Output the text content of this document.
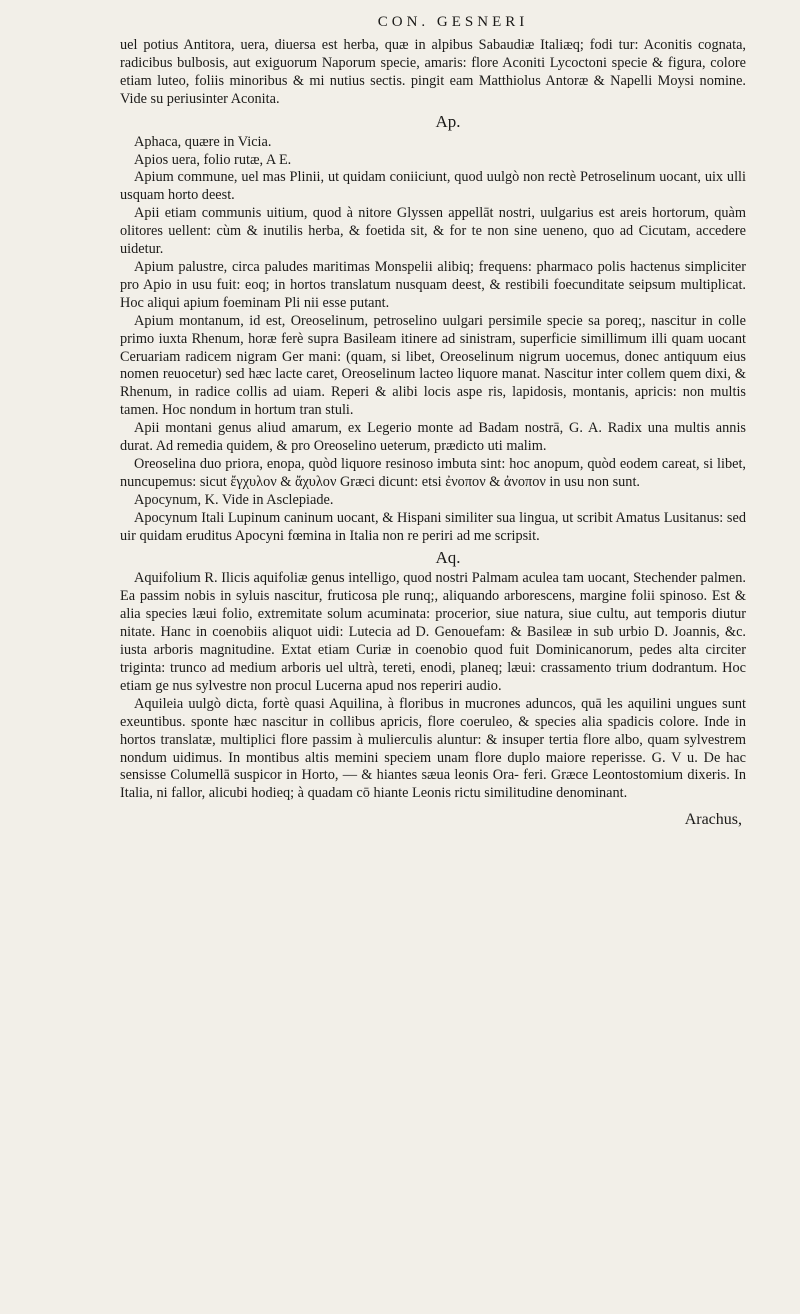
CON. GESNERI

uel potius Antitora, uera, diuersa est herba, quæ in alpibus Sabaudiæ Italiæq; fodi tur: Aconitis cognata, radicibus bulbosis, aut exiguorum Naporum specie, amaris: flore Aconiti Lycoctoni specie & figura, colore etiam luteo, foliis minoribus & mi nutius sectis. pingit eam Matthiolus Antoræ & Napelli Moysi nomine. Vide su periusinter Aconita.

Ap.

Aphaca, quære in Vicia.

Apios uera, folio rutæ, A E.

Apium commune, uel mas Plinii, ut quidam coniiciunt, quod uulgò non rectè Petroselinum uocant, uix ulli usquam horto deest.

Apii etiam communis uitium, quod à nitore Glyssen appellāt nostri, uulgarius est areis hortorum, quàm olitores uellent: cùm & inutilis herba, & foetida sit, & for te non sine ueneno, quo ad Cicutam, accedere uidetur.

Apium palustre, circa paludes maritimas Monspelii alibiq; frequens: pharmaco polis hactenus simpliciter pro Apio in usu fuit: eoq; in hortos translatum nusquam deest, & restibili foecunditate seipsum multiplicat. Hoc aliqui apium foeminam Pli nii esse putant.

Apium montanum, id est, Oreoselinum, petroselino uulgari persimile specie sa poreq;, nascitur in colle primo iuxta Rhenum, horæ ferè supra Basileam itinere ad sinistram, superficie simillimum illi quam uocant Ceruariam radicem nigram Ger mani: (quam, si libet, Oreoselinum nigrum uocemus, donec antiquum eius nomen reuocetur) sed hæc lacte caret, Oreoselinum lacteo liquore manat. Nascitur inter collem quem dixi, & Rhenum, in radice collis ad uiam. Reperi & alibi locis aspe ris, lapidosis, montanis, apricis: non multis tamen. Hoc nondum in hortum tran stuli.

Apii montani genus aliud amarum, ex Legerio monte ad Badam nostrā, G. A. Radix una multis annis durat. Ad remedia quidem, & pro Oreoselino ueterum, prædicto uti malim.

Oreoselina duo priora, enopa, quòd liquore resinoso imbuta sint: hoc anopum, quòd eodem careat, si libet, nuncupemus: sicut ἔγχυλον & ἄχυλον Græci dicunt: etsi ἐνοπον & ἀνοπον in usu non sunt.

Apocynum, K. Vide in Asclepiade.

Apocynum Itali Lupinum caninum uocant, & Hispani similiter sua lingua, ut scribit Amatus Lusitanus: sed uir quidam eruditus Apocyni fœmina in Italia non re periri ad me scripsit.

Aq.

Aquifolium R. Ilicis aquifoliæ genus intelligo, quod nostri Palmam aculea tam uocant, Stechender palmen. Ea passim nobis in syluis nascitur, fruticosa ple runq;, aliquando arborescens, margine folii spinoso. Est & alia species læui folio, extremitate solum acuminata: procerior, siue natura, siue cultu, aut temporis diutur nitate. Hanc in coenobiis aliquot uidi: Lutecia ad D. Genouefam: & Basileæ in sub urbio D. Joannis, &c. iusta arboris magnitudine. Extat etiam Curiæ in coenobio quod fuit Dominicanorum, pedes alta circiter triginta: trunco ad medium arboris uel ultrà, tereti, enodi, planeq; læui: crassamento trium dodrantum. Hoc etiam ge nus sylvestre non procul Lucerna apud nos reperiri audio.

Aquileia uulgò dicta, fortè quasi Aquilina, à floribus in mucrones aduncos, quā les aquilini ungues sunt exeuntibus. sponte hæc nascitur in collibus apricis, flore coeruleo, & species alia spadicis colore. Inde in hortos translatæ, multiplici flore passim à mulierculis aluntur: & insuper tertia flore albo, quam sylvestrem nondum uidimus. In montibus altis memini speciem unam flore duplo maiore reperisse. G. V u. De hac sensisse Columellā suspicor in Horto, — & hiantes sæua leonis Ora- feri. Græce Leontostomium dixeris. In Italia, ni fallor, alicubi hodieq; à quadam cō hiante Leonis rictu similitudine denominant.

Arachus,
